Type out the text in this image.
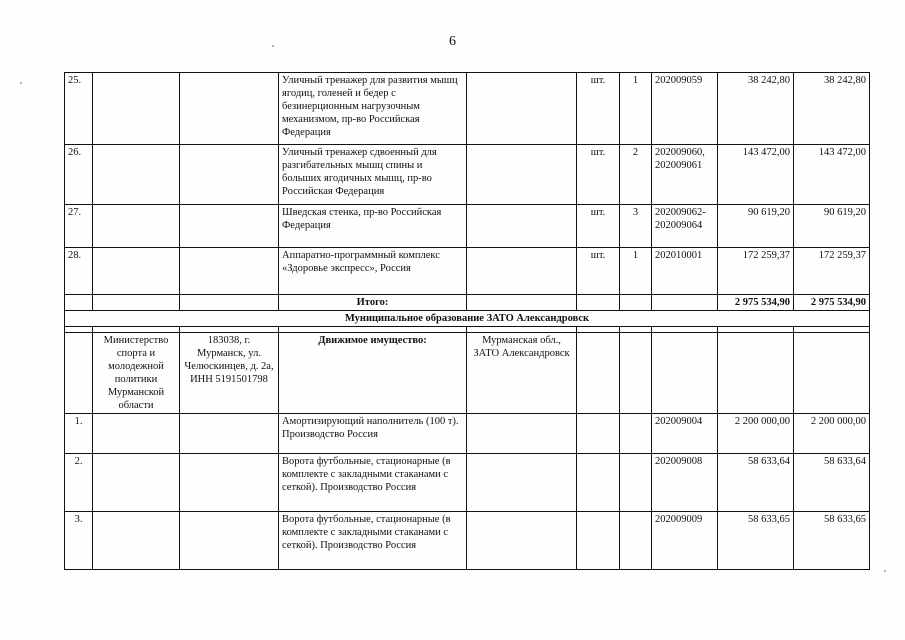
6
25.			Уличный тренажер для развития мышц ягодиц, голеней и бедер с безинерционным нагрузочным механизмом, пр-во Российская Федерация		шт.	1	202009059	38 242,80	38 242,80
26.			Уличный тренажер сдвоенный для разгибательных мышц спины и больших ягодичных мышц, пр-во Российская Федерация		шт.	2	202009060, 202009061	143 472,00	143 472,00
27.			Шведская стенка, пр-во Российская Федерация		шт.	3	202009062- 202009064	90 619,20	90 619,20
28.			Аппаратно-программный комплекс «Здоровье экспресс», Россия		шт.	1	202010001	172 259,37	172 259,37
			Итого:					2 975 534,90	2 975 534,90
Муниципальное образование ЗАТО Александровск									

	Министерство спорта и молодежной политики Мурманской области	183038, г. Мурманск, ул. Челюскинцев, д. 2а, ИНН 5191501798	Движимое имущество:	Мурманская обл., ЗАТО Александровск					
1.			Амортизирующий наполнитель (100 т). Производство Россия				202009004	2 200 000,00	2 200 000,00
2.			Ворота футбольные, стационарные (в комплекте с закладными стаканами с сеткой). Производство Россия				202009008	58 633,64	58 633,64
3.			Ворота футбольные, стационарные (в комплекте с закладными стаканами с сеткой). Производство Россия				202009009	58 633,65	58 633,65
